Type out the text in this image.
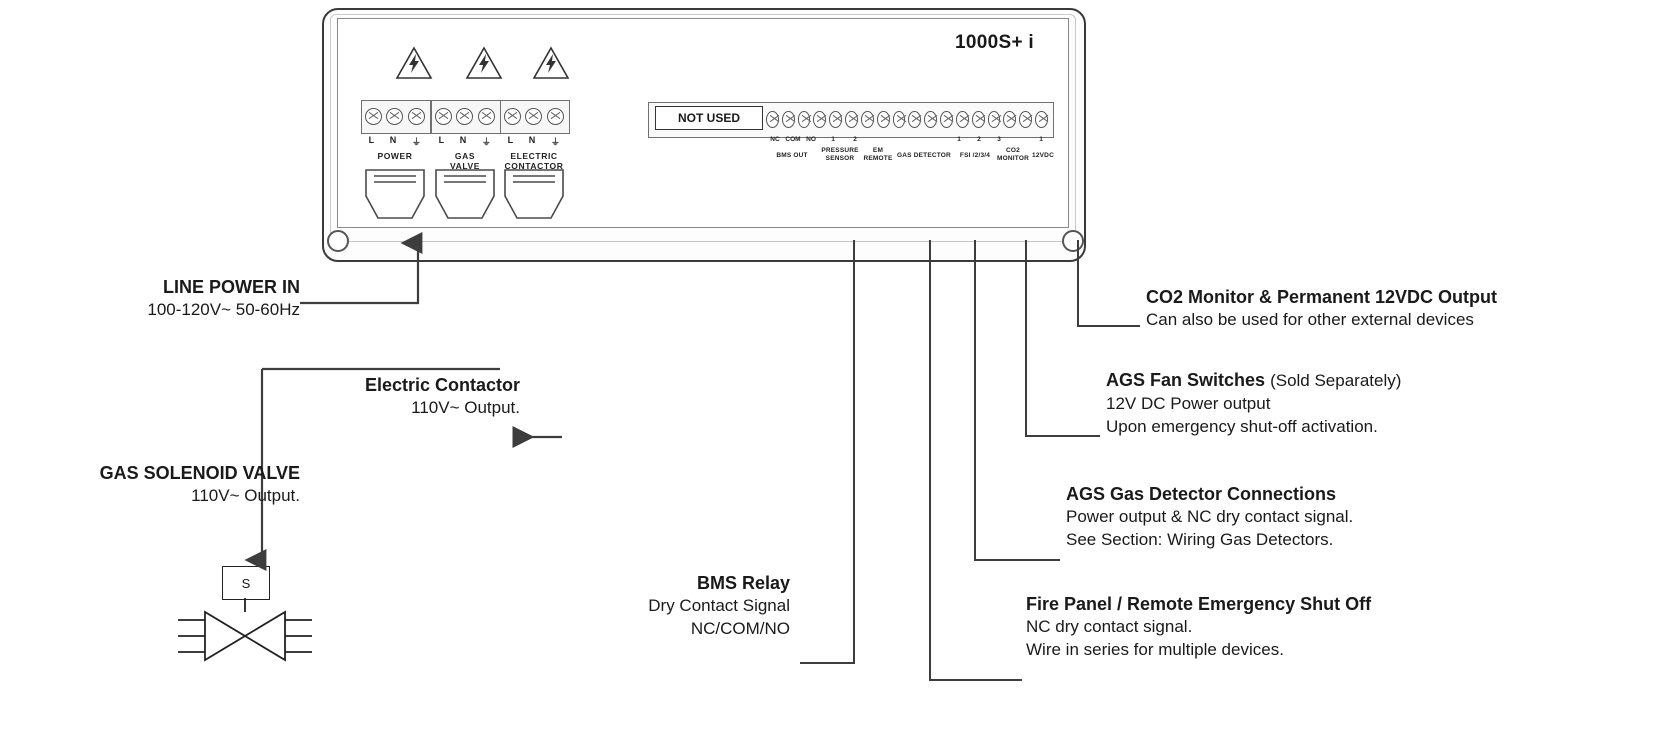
1000S+ i
L N ⏚
POWER
L N ⏚
GAS
VALVE
L N ⏚
ELECTRIC
CONTACTOR
NOT USED
NC COM NO	1	2	1	2	3	1
BMS OUT
PRESSURE
SENSOR
EM
REMOTE GAS DETECTOR	FSI /2/3/4
CO2
MONITOR 12VDC
S
LINE POWER IN
100-120V~ 50-60Hz
Electric Contactor
110V~ Output.
GAS SOLENOID VALVE
110V~ Output.
BMS Relay
Dry Contact Signal
NC/COM/NO
CO2 Monitor & Permanent 12VDC Output
Can also be used for other external devices
AGS Fan Switches (Sold Separately)
12V DC Power output
Upon emergency shut-off activation.
AGS Gas Detector Connections
Power output & NC dry contact signal.
See Section: Wiring Gas Detectors.
Fire Panel / Remote Emergency Shut Off
NC dry contact signal.
Wire in series for multiple devices.
